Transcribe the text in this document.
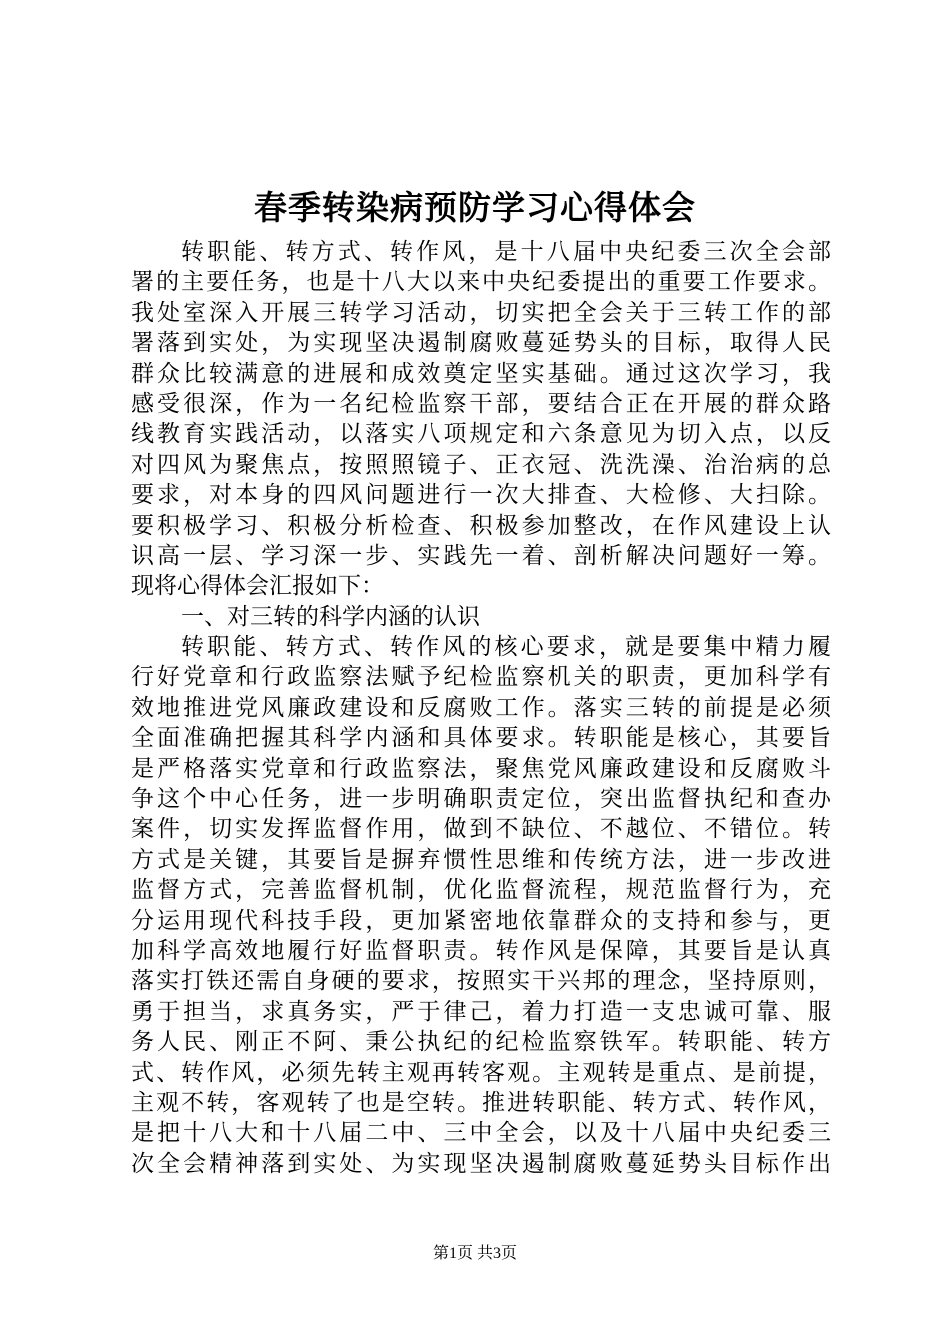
春季转染病预防学习心得体会
转职能、转方式、转作风，是十八届中央纪委三次全会部
署的主要任务，也是十八大以来中央纪委提出的重要工作要求。
我处室深入开展三转学习活动，切实把全会关于三转工作的部
署落到实处，为实现坚决遏制腐败蔓延势头的目标，取得人民
群众比较满意的进展和成效奠定坚实基础。通过这次学习，我
感受很深，作为一名纪检监察干部，要结合正在开展的群众路
线教育实践活动，以落实八项规定和六条意见为切入点，以反
对四风为聚焦点，按照照镜子、正衣冠、洗洗澡、治治病的总
要求，对本身的四风问题进行一次大排查、大检修、大扫除。
要积极学习、积极分析检查、积极参加整改，在作风建设上认
识高一层、学习深一步、实践先一着、剖析解决问题好一筹。
现将心得体会汇报如下：
一、对三转的科学内涵的认识
转职能、转方式、转作风的核心要求，就是要集中精力履
行好党章和行政监察法赋予纪检监察机关的职责，更加科学有
效地推进党风廉政建设和反腐败工作。落实三转的前提是必须
全面准确把握其科学内涵和具体要求。转职能是核心，其要旨
是严格落实党章和行政监察法，聚焦党风廉政建设和反腐败斗
争这个中心任务，进一步明确职责定位，突出监督执纪和查办
案件，切实发挥监督作用，做到不缺位、不越位、不错位。转
方式是关键，其要旨是摒弃惯性思维和传统方法，进一步改进
监督方式，完善监督机制，优化监督流程，规范监督行为，充
分运用现代科技手段，更加紧密地依靠群众的支持和参与，更
加科学高效地履行好监督职责。转作风是保障，其要旨是认真
落实打铁还需自身硬的要求，按照实干兴邦的理念，坚持原则，
勇于担当，求真务实，严于律己，着力打造一支忠诚可靠、服
务人民、刚正不阿、秉公执纪的纪检监察铁军。转职能、转方
式、转作风，必须先转主观再转客观。主观转是重点、是前提，
主观不转，客观转了也是空转。推进转职能、转方式、转作风，
是把十八大和十八届二中、三中全会，以及十八届中央纪委三
次全会精神落到实处、为实现坚决遏制腐败蔓延势头目标作出
第1页 共3页
